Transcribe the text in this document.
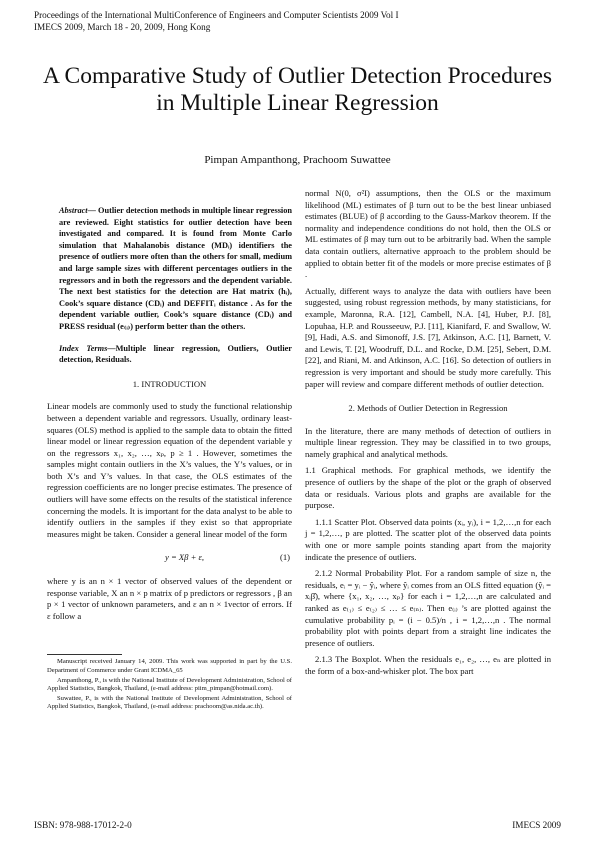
Proceedings of the International MultiConference of Engineers and Computer Scientists 2009 Vol I
IMECS 2009, March 18 - 20, 2009, Hong Kong
A Comparative Study of Outlier Detection Procedures in Multiple Linear Regression
Pimpan Ampanthong, Prachoom Suwattee
Abstract— Outlier detection methods in multiple linear regression are reviewed. Eight statistics for outlier detection have been investigated and compared. It is found from Monte Carlo simulation that Mahalanobis distance (MDᵢ) identifiers the presence of outliers more often than the others for small, medium and large sample sizes with different percentages outliers in the regressors and in both the regressors and the dependent variable. The next best statistics for the detection are Hat matrix (hᵢ), Cook’s square distance (CDᵢ) and DEFFITᵢ distance . As for the dependent variable outlier, Cook’s square distance (CDᵢ) and PRESS residual (e₍ᵢ₎) perform better than the others.
Index Terms—Multiple linear regression, Outliers, Outlier detection, Residuals.
1. INTRODUCTION
Linear models are commonly used to study the functional relationship between a dependent variable and regressors. Usually, ordinary least- squares (OLS) method is applied to the sample data to obtain the fitted linear model or linear regression equation of the dependent variable y on the regressors x₁, x₂, …, xₚ, p ≥ 1 . However, sometimes the samples might contain outliers in the X’s values, the Y’s values, or in both X’s and Y’s values. In that case, the OLS estimates of the regression coefficients are no longer precise estimates. The presence of outliers will have some effects on the results of the statistical inference concerning the models. It is important for the data analyst to be able to identify outliers in the samples if they exist so that appropriate measures might be taken. Consider a general linear model of the form
y = Xβ + ε,	(1)
where y is an n × 1 vector of observed values of the dependent or response variable, X an n × p matrix of p predictors or regressors , β an p × 1 vector of unknown parameters, and ε an n × 1vector of errors. If ε follow a
Manuscript received January 14, 2009. This work was supported in part by the U.S. Department of Commerce under Grant ICDMA_65
Ampanthong, P., is with the National Institute of Development Administration, School of Applied Statistics, Bangkok, Thailand, (e-mail address: piim_pimpan@hotmail.com).
Suwattee, P., is with the National Institute of Development Administration, School of Applied Statistics, Bangkok, Thailand, (e-mail address: prachoom@as.nida.ac.th).
normal N(0, σ²I) assumptions, then the OLS or the maximum likelihood (ML) estimates of β turn out to be the best linear unbiased estimates (BLUE) of β according to the Gauss-Markov theorem. If the normality and independence conditions do not hold, then the OLS or ML estimates of β may turn out to be arbitrarily bad. When the sample data contain outliers, alternative approach to the problem should be applied to obtain better fit of the models or more precise estimates of β .
Actually, different ways to analyze the data with outliers have been suggested, using robust regression methods, by many statisticians, for example, Maronna, R.A. [12], Cambell, N.A. [4], Huber, P.J. [8], Lopuhaa, H.P. and Rousseeuw, P.J. [11], Kianifard, F. and Swallow, W. [9], Hadi, A.S. and Simonoff, J.S. [7], Atkinson, A.C. [1], Barnett, V. and Lewis, T. [2], Woodruff, D.L. and Rocke, D.M. [25], Sebert, D.M. [22], and Riani, M. and Atkinson, A.C. [16]. So detection of outliers in regression is very important and should be study more carefully. This paper will review and compare different methods of outlier detection.
2. Methods of Outlier Detection in Regression
In the literature, there are many methods of detection of outliers in multiple linear regression. They may be classified in to two groups, namely graphical and analytical methods.
1.1 Graphical methods. For graphical methods, we identify the presence of outliers by the shape of the plot or the graph of observed data or residuals. Various plots and graphs are available for the purpose.
1.1.1 Scatter Plot. Observed data points (xᵢ, yᵢ), i = 1,2,…,n for each j = 1,2,…, p are plotted. The scatter plot of the observed data points with one or more sample points standing apart from the majority indicate the presence of outliers.
2.1.2 Normal Probability Plot. For a random sample of size n, the residuals, eᵢ = yᵢ − ŷᵢ, where ŷᵢ comes from an OLS fitted equation (ŷᵢ = xᵢβ̂), where {x₁, x₂, …, xₚ} for each i = 1,2,…,n are calculated and ranked as e₍₁₎ ≤ e₍₂₎ ≤ … ≤ e₍ₙ₎. Then e₍ᵢ₎ ’s are plotted against the cumulative probability pᵢ = (i − 0.5)/n , i = 1,2,…,n . The normal probability plot with points depart from a straight line indicates the presence of outliers.
2.1.3 The Boxplot. When the residuals e₁, e₂, …, eₙ are plotted in the form of a box-and-whisker plot. The box part
ISBN: 978-988-17012-2-0	IMECS 2009
